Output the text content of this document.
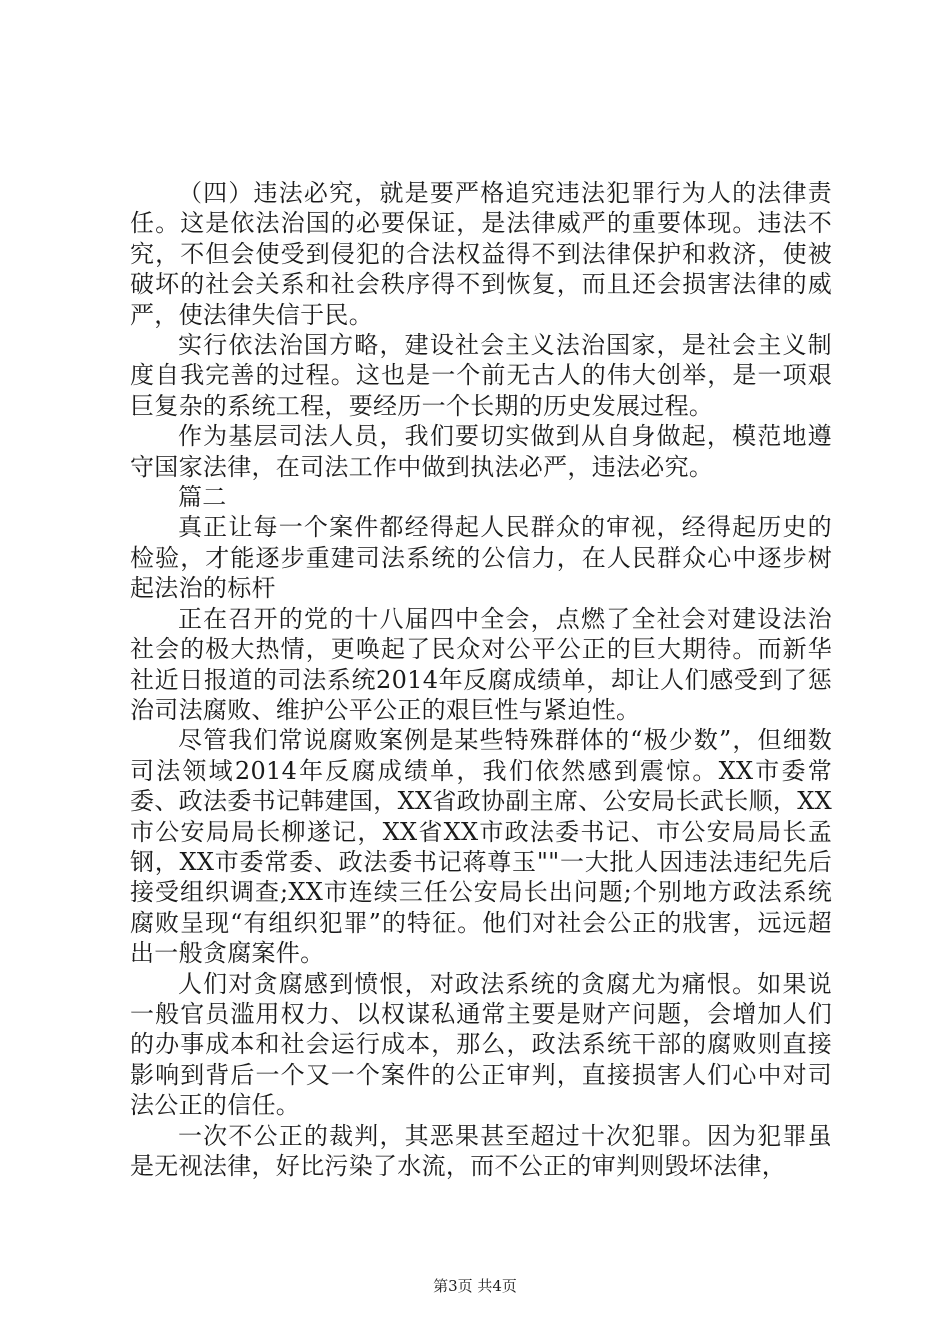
（四）违法必究，就是要严格追究违法犯罪行为人的法律责任。这是依法治国的必要保证，是法律威严的重要体现。违法不究，不但会使受到侵犯的合法权益得不到法律保护和救济，使被破坏的社会关系和社会秩序得不到恢复，而且还会损害法律的威严，使法律失信于民。

实行依法治国方略，建设社会主义法治国家，是社会主义制度自我完善的过程。这也是一个前无古人的伟大创举，是一项艰巨复杂的系统工程，要经历一个长期的历史发展过程。

作为基层司法人员，我们要切实做到从自身做起，模范地遵守国家法律，在司法工作中做到执法必严，违法必究。

篇二

真正让每一个案件都经得起人民群众的审视，经得起历史的检验，才能逐步重建司法系统的公信力，在人民群众心中逐步树起法治的标杆

正在召开的党的十八届四中全会，点燃了全社会对建设法治社会的极大热情，更唤起了民众对公平公正的巨大期待。而新华社近日报道的司法系统2014年反腐成绩单，却让人们感受到了惩治司法腐败、维护公平公正的艰巨性与紧迫性。

尽管我们常说腐败案例是某些特殊群体的“极少数”，但细数司法领域2014年反腐成绩单，我们依然感到震惊。XX市委常委、政法委书记韩建国，XX省政协副主席、公安局长武长顺，XX市公安局局长柳遂记，XX省XX市政法委书记、市公安局局长孟钢，XX市委常委、政法委书记蒋尊玉""一大批人因违法违纪先后接受组织调查;XX市连续三任公安局长出问题;个别地方政法系统腐败呈现“有组织犯罪”的特征。他们对社会公正的戕害，远远超出一般贪腐案件。

人们对贪腐感到愤恨，对政法系统的贪腐尤为痛恨。如果说一般官员滥用权力、以权谋私通常主要是财产问题，会增加人们的办事成本和社会运行成本，那么，政法系统干部的腐败则直接影响到背后一个又一个案件的公正审判，直接损害人们心中对司法公正的信任。

一次不公正的裁判，其恶果甚至超过十次犯罪。因为犯罪虽是无视法律，好比污染了水流，而不公正的审判则毁坏法律，

第3页 共4页
